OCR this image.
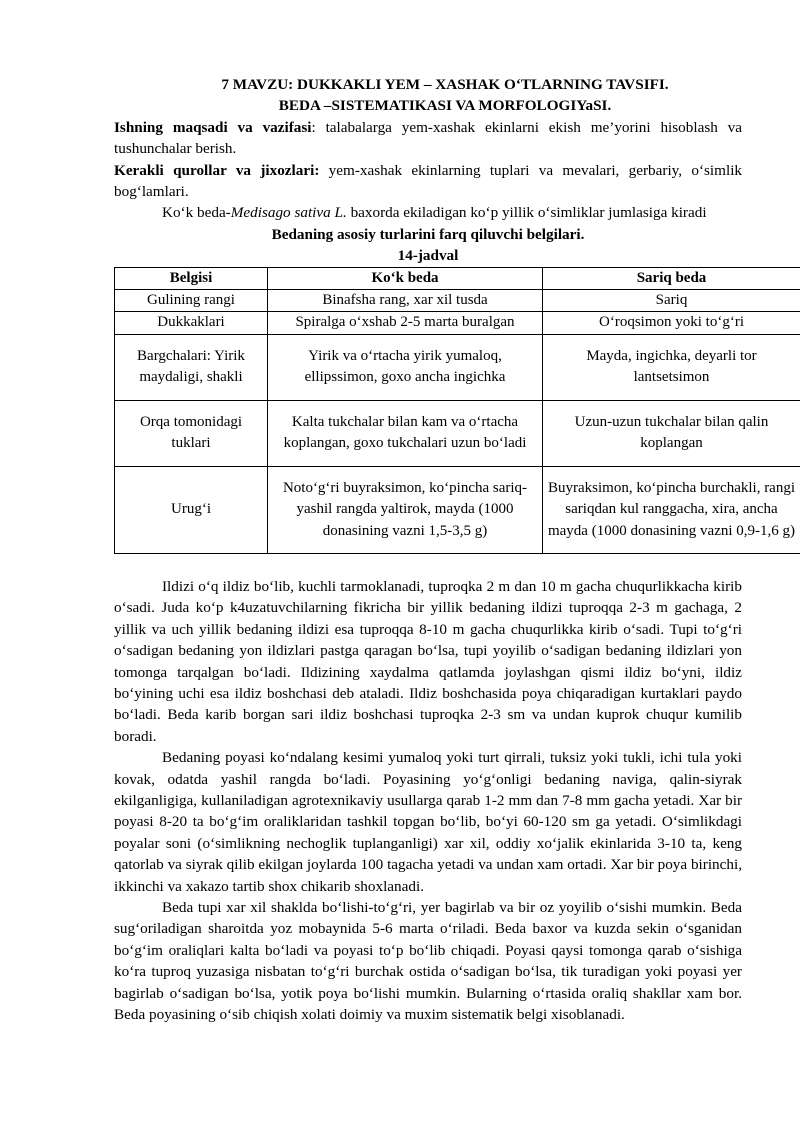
7 MAVZU: DUKKAKLI YEM – XASHAK O‘TLARNING TAVSIFI.
BEDA –SISTEMATIKASI VA MORFOLOGIYaSI.

Ishning maqsadi va vazifasi: talabalarga yem-xashak ekinlarni ekish me’yorini hisoblash va tushunchalar berish.

Kerakli qurollar va jixozlari: yem-xashak ekinlarning tuplari va mevalari, gerbariy, o‘simlik bog‘lamlari.

Ko‘k beda-Medisago sativa L. baxorda ekiladigan ko‘p yillik o‘simliklar jumlasiga kiradi

Bedaning asosiy turlarini farq qiluvchi belgilari.
14-jadval
Belgisi	Ko‘k beda	Sariq beda
Gulining rangi	Binafsha rang, xar xil tusda	Sariq
Dukkaklari	Spiralga o‘xshab 2-5 marta buralgan	O‘roqsimon yoki to‘g‘ri
Bargchalari: Yirik maydaligi, shakli	Yirik va o‘rtacha yirik yumaloq, ellipssimon, goxo ancha ingichka	Mayda, ingichka, deyarli tor lantsetsimon
Orqa tomonidagi tuklari	Kalta tukchalar bilan kam va o‘rtacha koplangan, goxo tukchalari uzun bo‘ladi	Uzun-uzun tukchalar bilan qalin koplangan
Urug‘i	Noto‘g‘ri buyraksimon, ko‘pincha sariq-yashil rangda yaltirok, mayda (1000 donasining vazni 1,5-3,5 g)	Buyraksimon, ko‘pincha burchakli, rangi sariqdan kul ranggacha, xira, ancha mayda (1000 donasining vazni 0,9-1,6 g)

Ildizi o‘q ildiz bo‘lib, kuchli tarmoklanadi, tuproqka 2 m dan 10 m gacha chuqurlikkacha kirib o‘sadi. Juda ko‘p k4uzatuvchilarning fikricha bir yillik bedaning ildizi tuproqqa 2-3 m gachaga, 2 yillik va uch yillik bedaning ildizi esa tuproqqa 8-10 m gacha chuqurlikka kirib o‘sadi. Tupi to‘g‘ri o‘sadigan bedaning yon ildizlari pastga qaragan bo‘lsa, tupi yoyilib o‘sadigan bedaning ildizlari yon tomonga tarqalgan bo‘ladi. Ildizining xaydalma qatlamda joylashgan qismi ildiz bo‘yni, ildiz bo‘yining uchi esa ildiz boshchasi deb ataladi. Ildiz boshchasida poya chiqaradigan kurtaklari paydo bo‘ladi. Beda karib borgan sari ildiz boshchasi tuproqka 2-3 sm va undan kuprok chuqur kumilib boradi.

Bedaning poyasi ko‘ndalang kesimi yumaloq yoki turt qirrali, tuksiz yoki tukli, ichi tula yoki kovak, odatda yashil rangda bo‘ladi. Poyasining yo‘g‘onligi bedaning naviga, qalin-siyrak ekilganligiga, kullaniladigan agrotexnikaviy usullarga qarab 1-2 mm dan 7-8 mm gacha yetadi. Xar bir poyasi 8-20 ta bo‘g‘im oraliklaridan tashkil topgan bo‘lib, bo‘yi 60-120 sm ga yetadi. O‘simlikdagi poyalar soni (o‘simlikning nechoglik tuplanganligi) xar xil, oddiy xo‘jalik ekinlarida 3-10 ta, keng qatorlab va siyrak qilib ekilgan joylarda 100 tagacha yetadi va undan xam ortadi. Xar bir poya birinchi, ikkinchi va xakazo tartib shox chikarib shoxlanadi.

Beda tupi xar xil shaklda bo‘lishi-to‘g‘ri, yer bagirlab va bir oz yoyilib o‘sishi mumkin. Beda sug‘oriladigan sharoitda yoz mobaynida 5-6 marta o‘riladi. Beda baxor va kuzda sekin o‘sganidan bo‘g‘im oraliqlari kalta bo‘ladi va poyasi to‘p bo‘lib chiqadi. Poyasi qaysi tomonga qarab o‘sishiga ko‘ra tuproq yuzasiga nisbatan to‘g‘ri burchak ostida o‘sadigan bo‘lsa, tik turadigan yoki poyasi yer bagirlab o‘sadigan bo‘lsa, yotik poya bo‘lishi mumkin. Bularning o‘rtasida oraliq shakllar xam bor. Beda poyasining o‘sib chiqish xolati doimiy va muxim sistematik belgi xisoblanadi.
